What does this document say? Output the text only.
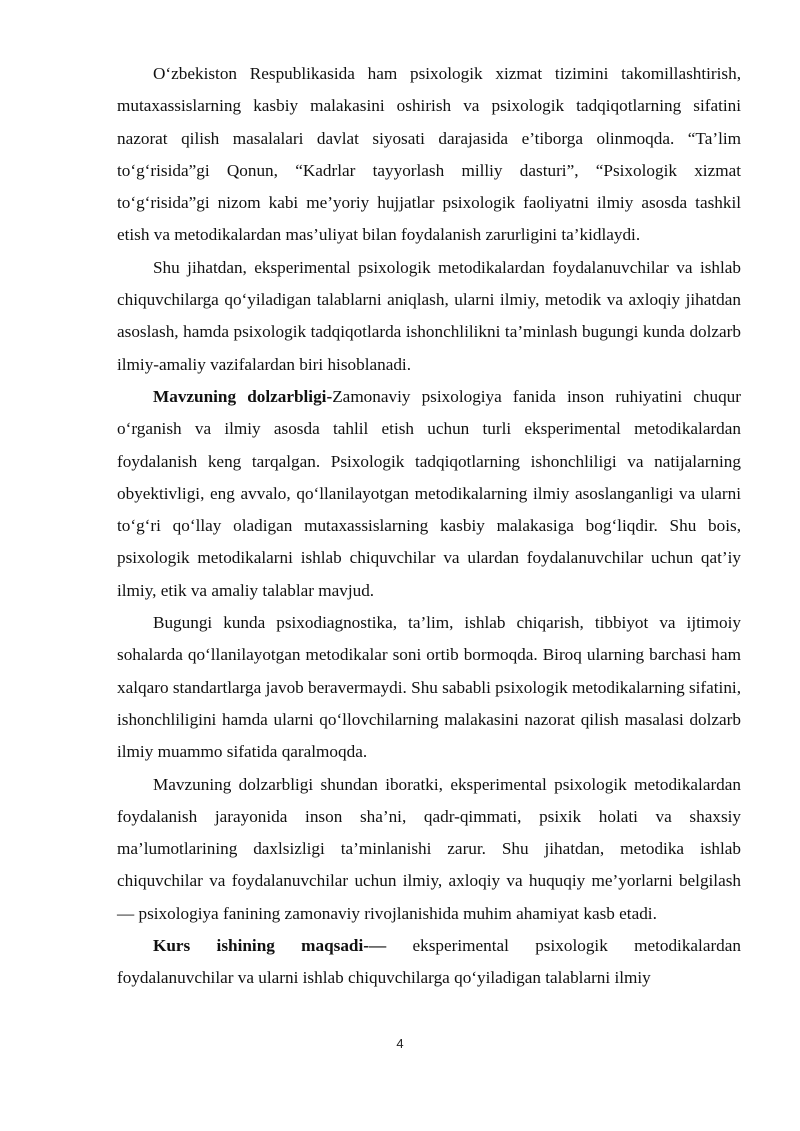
O‘zbekiston Respublikasida ham psixologik xizmat tizimini takomillashtirish, mutaxassislarning kasbiy malakasini oshirish va psixologik tadqiqotlarning sifatini nazorat qilish masalalari davlat siyosati darajasida e’tiborga olinmoqda. “Ta’lim to‘g‘risida”gi Qonun, “Kadrlar tayyorlash milliy dasturi”, “Psixologik xizmat to‘g‘risida”gi nizom kabi me’yoriy hujjatlar psixologik faoliyatni ilmiy asosda tashkil etish va metodikalardan mas’uliyat bilan foydalanish zarurligini ta’kidlaydi.

Shu jihatdan, eksperimental psixologik metodikalardan foydalanuvchilar va ishlab chiquvchilarga qo‘yiladigan talablarni aniqlash, ularni ilmiy, metodik va axloqiy jihatdan asoslash, hamda psixologik tadqiqotlarda ishonchlilikni ta’minlash bugungi kunda dolzarb ilmiy-amaliy vazifalardan biri hisoblanadi.

Mavzuning dolzarbligi-Zamonaviy psixologiya fanida inson ruhiyatini chuqur o‘rganish va ilmiy asosda tahlil etish uchun turli eksperimental metodikalardan foydalanish keng tarqalgan. Psixologik tadqiqotlarning ishonchliligi va natijalarning obyektivligi, eng avvalo, qo‘llanilayotgan metodikalarning ilmiy asoslanganligi va ularni to‘g‘ri qo‘llay oladigan mutaxassislarning kasbiy malakasiga bog‘liqdir. Shu bois, psixologik metodikalarni ishlab chiquvchilar va ulardan foydalanuvchilar uchun qat’iy ilmiy, etik va amaliy talablar mavjud.

Bugungi kunda psixodiagnostika, ta’lim, ishlab chiqarish, tibbiyot va ijtimoiy sohalarda qo‘llanilayotgan metodikalar soni ortib bormoqda. Biroq ularning barchasi ham xalqaro standartlarga javob beravermaydi. Shu sababli psixologik metodikalarning sifatini, ishonchliligini hamda ularni qo‘llovchilarning malakasini nazorat qilish masalasi dolzarb ilmiy muammo sifatida qaralmoqda.

Mavzuning dolzarbligi shundan iboratki, eksperimental psixologik metodikalardan foydalanish jarayonida inson sha’ni, qadr-qimmati, psixik holati va shaxsiy ma’lumotlarining daxlsizligi ta’minlanishi zarur. Shu jihatdan, metodika ishlab chiquvchilar va foydalanuvchilar uchun ilmiy, axloqiy va huquqiy me’yorlarni belgilash — psixologiya fanining zamonaviy rivojlanishida muhim ahamiyat kasb etadi.

Kurs ishining maqsadi-— eksperimental psixologik metodikalardan foydalanuvchilar va ularni ishlab chiquvchilarga qo‘yiladigan talablarni ilmiy

4
